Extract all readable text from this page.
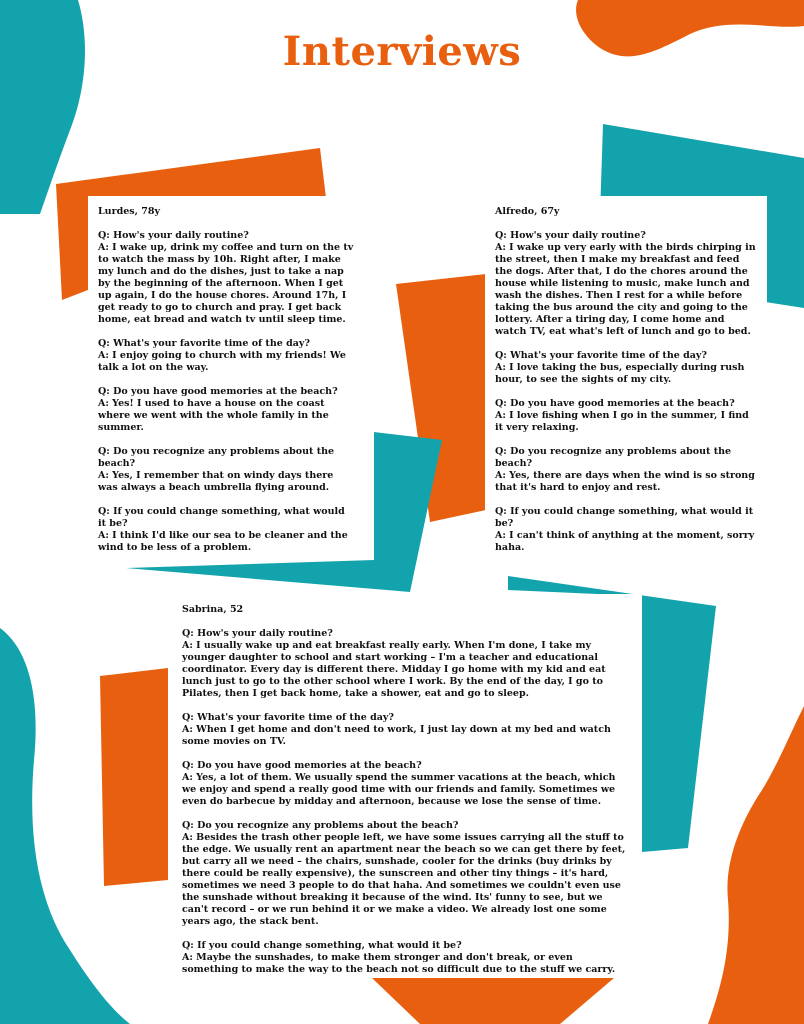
Interviews

Lurdes, 78y

Q: How's your daily routine?

A: I wake up, drink my coffee and turn on the tv to watch the mass by 10h. Right after, I make my lunch and do the dishes, just to take a nap by the beginning of the afternoon. When I get up again, I do the house chores. Around 17h, I get ready to go to church and pray. I get back home, eat bread and watch tv until sleep time.

Q: What's your favorite time of the day?

A: I enjoy going to church with my friends! We talk a lot on the way.

Q: Do you have good memories at the beach?

A: Yes! I used to have a house on the coast where we went with the whole family in the summer.

Q: Do you recognize any problems about the beach?

A: Yes, I remember that on windy days there was always a beach umbrella flying around.

Q: If you could change something, what would it be?

A: I think I'd like our sea to be cleaner and the wind to be less of a problem.

Alfredo, 67y

Q: How's your daily routine?

A: I wake up very early with the birds chirping in the street, then I make my breakfast and feed the dogs. After that, I do the chores around the house while listening to music, make lunch and wash the dishes. Then I rest for a while before taking the bus around the city and going to the lottery. After a tiring day, I come home and watch TV, eat what's left of lunch and go to bed.

Q: What's your favorite time of the day?

A: I love taking the bus, especially during rush hour, to see the sights of my city.

Q: Do you have good memories at the beach?

A: I love fishing when I go in the summer, I find it very relaxing.

Q: Do you recognize any problems about the beach?

A: Yes, there are days when the wind is so strong that it's hard to enjoy and rest.

Q: If you could change something, what would it be?

A: I can't think of anything at the moment, sorry haha.

Sabrina, 52

Q: How's your daily routine?

A: I usually wake up and eat breakfast really early. When I'm done, I take my younger daughter to school and start working – I'm a teacher and educational coordinator. Every day is different there. Midday I go home with my kid and eat lunch just to go to the other school where I work. By the end of the day, I go to Pilates, then I get back home, take a shower, eat and go to sleep.

Q: What's your favorite time of the day?

A: When I get home and don't need to work, I just lay down at my bed and watch some movies on TV.

Q: Do you have good memories at the beach?

A: Yes, a lot of them. We usually spend the summer vacations at the beach, which we enjoy and spend a really good time with our friends and family. Sometimes we even do barbecue by midday and afternoon, because we lose the sense of time.

Q: Do you recognize any problems about the beach?

A: Besides the trash other people left, we have some issues carrying all the stuff to the edge. We usually rent an apartment near the beach so we can get there by feet, but carry all we need – the chairs, sunshade, cooler for the drinks (buy drinks by there could be really expensive), the sunscreen and other tiny things – it's hard, sometimes we need 3 people to do that haha. And sometimes we couldn't even use the sunshade without breaking it because of the wind. Its' funny to see, but we can't record – or we run behind it or we make a video. We already lost one some years ago, the stack bent.

Q: If you could change something, what would it be?

A: Maybe the sunshades, to make them stronger and don't break, or even something to make the way to the beach not so difficult due to the stuff we carry.
